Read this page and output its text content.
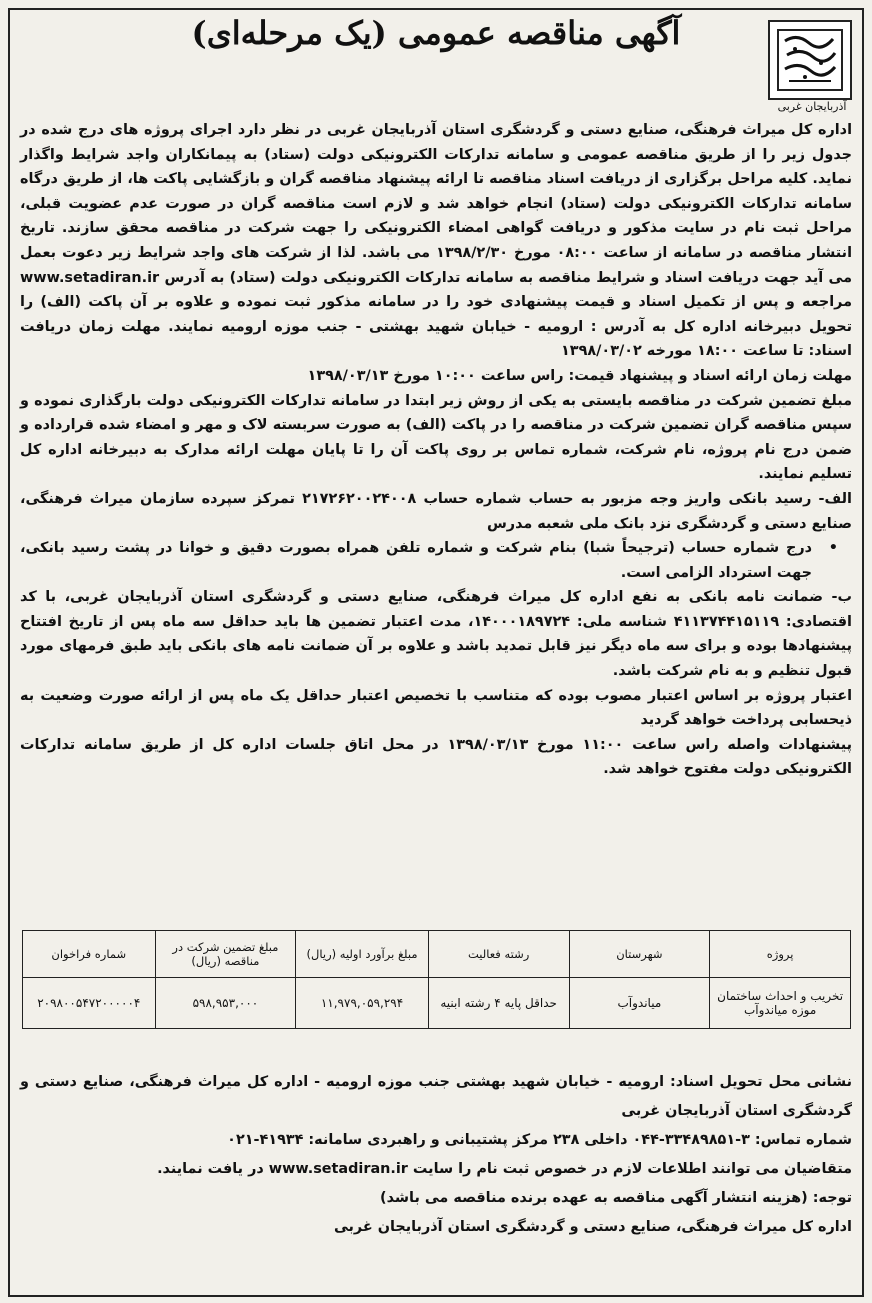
آگهی مناقصه عمومی (یک مرحله‌ای)
آذربایجان غربی

اداره کل میراث فرهنگی، صنایع دستی و گردشگری استان آذربایجان غربی در نظر دارد اجرای پروژه های درج شده در جدول زیر را از طریق مناقصه عمومی و سامانه تدارکات الکترونیکی دولت (ستاد) به پیمانکاران واجد شرایط واگذار نماید. کلیه مراحل برگزاری از دریافت اسناد مناقصه تا ارائه پیشنهاد مناقصه گران و بازگشایی پاکت ها، از طریق درگاه سامانه تدارکات الکترونیکی دولت (ستاد) انجام خواهد شد و لازم است مناقصه گران در صورت عدم عضویت قبلی، مراحل ثبت نام در سایت مذکور و دریافت گواهی امضاء الکترونیکی را جهت شرکت در مناقصه محقق سازند. تاریخ انتشار مناقصه در سامانه از ساعت ۰۸:۰۰ مورخ ۱۳۹۸/۲/۳۰ می باشد. لذا از شرکت های واجد شرایط زیر دعوت بعمل می آید جهت دریافت اسناد و شرایط مناقصه به سامانه تدارکات الکترونیکی دولت (ستاد) به آدرس www.setadiran.ir مراجعه و پس از تکمیل اسناد و قیمت پیشنهادی خود را در سامانه مذکور ثبت نموده و علاوه بر آن پاکت (الف) را تحویل دبیرخانه اداره کل به آدرس : ارومیه - خیابان شهید بهشتی - جنب موزه ارومیه نمایند. مهلت زمان دریافت اسناد: تا ساعت ۱۸:۰۰ مورخه ۱۳۹۸/۰۳/۰۲

مهلت زمان ارائه اسناد و پیشنهاد قیمت: راس ساعت ۱۰:۰۰ مورخ ۱۳۹۸/۰۳/۱۳

مبلغ تضمین شرکت در مناقصه بایستی به یکی از روش زیر ابتدا در سامانه تدارکات الکترونیکی دولت بارگذاری نموده و سپس مناقصه گران تضمین شرکت در مناقصه را در پاکت (الف) به صورت سربسته لاک و مهر و امضاء شده قرارداده و ضمن درج نام پروژه، نام شرکت، شماره تماس بر روی پاکت آن را تا پایان مهلت ارائه مدارک به دبیرخانه اداره کل تسلیم نمایند.

الف- رسید بانکی واریز وجه مزبور به حساب شماره حساب ۲۱۷۲۶۲۰۰۲۴۰۰۸ تمرکز سپرده سازمان میراث فرهنگی، صنایع دستی و گردشگری نزد بانک ملی شعبه مدرس

•
درج شماره حساب (ترجیحاً شبا) بنام شرکت و شماره تلفن همراه بصورت دقیق و خوانا در پشت رسید بانکی، جهت استرداد الزامی است.

ب- ضمانت نامه بانکی به نفع اداره کل میراث فرهنگی، صنایع دستی و گردشگری استان آذربایجان غربی، با کد اقتصادی: ۴۱۱۳۷۴۴۱۵۱۱۹ شناسه ملی: ۱۴۰۰۰۱۸۹۷۲۴، مدت اعتبار تضمین ها باید حداقل سه ماه پس از تاریخ افتتاح پیشنهادها بوده و برای سه ماه دیگر نیز قابل تمدید باشد و علاوه بر آن ضمانت نامه های بانکی باید طبق فرمهای مورد قبول تنظیم و به نام شرکت باشد.

اعتبار پروژه بر اساس اعتبار مصوب بوده که متناسب با تخصیص اعتبار حداقل یک ماه پس از ارائه صورت وضعیت به ذیحسابی پرداخت خواهد گردید

پیشنهادات واصله راس ساعت ۱۱:۰۰ مورخ ۱۳۹۸/۰۳/۱۳ در محل اتاق جلسات اداره کل از طریق سامانه تدارکات الکترونیکی دولت مفتوح خواهد شد.

پروژه	شهرستان	رشته فعالیت	مبلغ برآورد اولیه (ریال)	مبلغ تضمین شرکت در مناقصه (ریال)	شماره فراخوان
تخریب و احداث ساختمان موزه میاندوآب	میاندوآب	حداقل پایه ۴ رشته ابنیه	۱۱,۹۷۹,۰۵۹,۲۹۴	۵۹۸,۹۵۳,۰۰۰	۲۰۹۸۰۰۵۴۷۲۰۰۰۰۰۴

نشانی محل تحویل اسناد: ارومیه - خیابان شهید بهشتی جنب موزه ارومیه - اداره کل میراث فرهنگی، صنایع دستی و گردشگری استان آذربایجان غربی

شماره تماس: ۳-۳۳۴۸۹۸۵۱-۰۴۴ داخلی ۲۳۸ مرکز پشتیبانی و راهبردی سامانه: ۴۱۹۳۴-۰۲۱

متقاضیان می توانند اطلاعات لازم در خصوص ثبت نام را سایت www.setadiran.ir در یافت نمایند.

توجه: (هزینه انتشار آگهی مناقصه به عهده برنده مناقصه می باشد)

اداره کل میراث فرهنگی، صنایع دستی و گردشگری استان آذربایجان غربی
